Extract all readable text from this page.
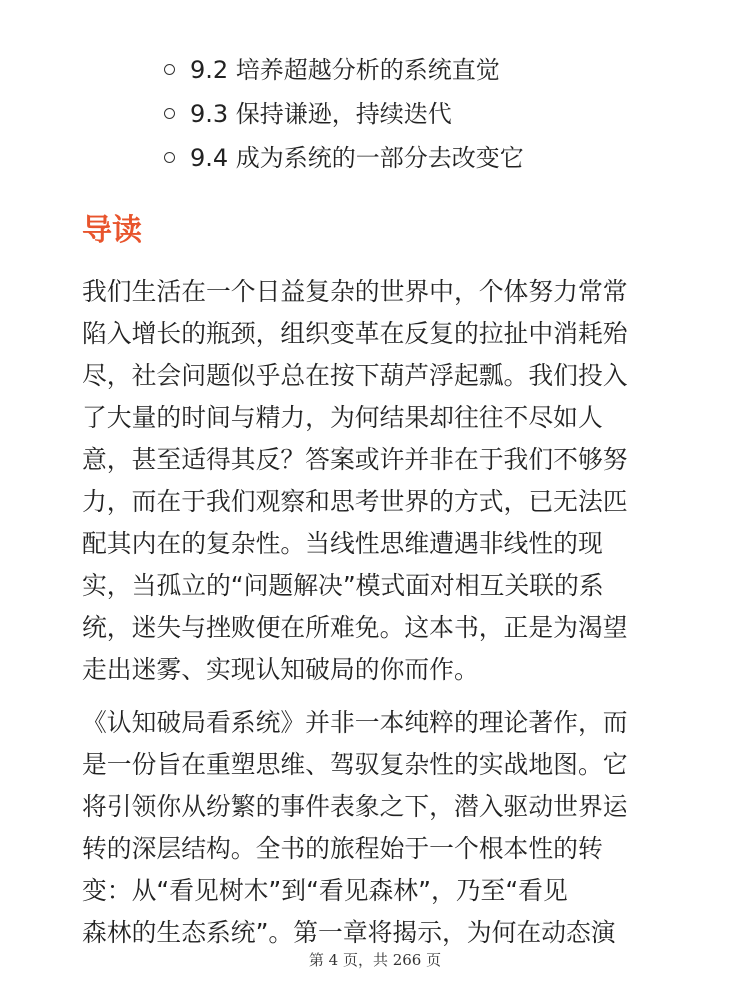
9.2 培养超越分析的系统直觉
9.3 保持谦逊，持续迭代
9.4 成为系统的一部分去改变它
导读
我们生活在一个日益复杂的世界中，个体努力常常
陷入增长的瓶颈，组织变革在反复的拉扯中消耗殆
尽，社会问题似乎总在按下葫芦浮起瓢。我们投入
了大量的时间与精力，为何结果却往往不尽如人
意，甚至适得其反？答案或许并非在于我们不够努
力，而在于我们观察和思考世界的方式，已无法匹
配其内在的复杂性。当线性思维遭遇非线性的现
实，当孤立的“问题解决”模式面对相互关联的系
统，迷失与挫败便在所难免。这本书，正是为渴望
走出迷雾、实现认知破局的你而作。
《认知破局看系统》并非一本纯粹的理论著作，而
是一份旨在重塑思维、驾驭复杂性的实战地图。它
将引领你从纷繁的事件表象之下，潜入驱动世界运
转的深层结构。全书的旅程始于一个根本性的转
变：从“看见树木”到“看见森林”，乃至“看见
森林的生态系统”。第一章将揭示，为何在动态演
第 4 页，共 266 页
